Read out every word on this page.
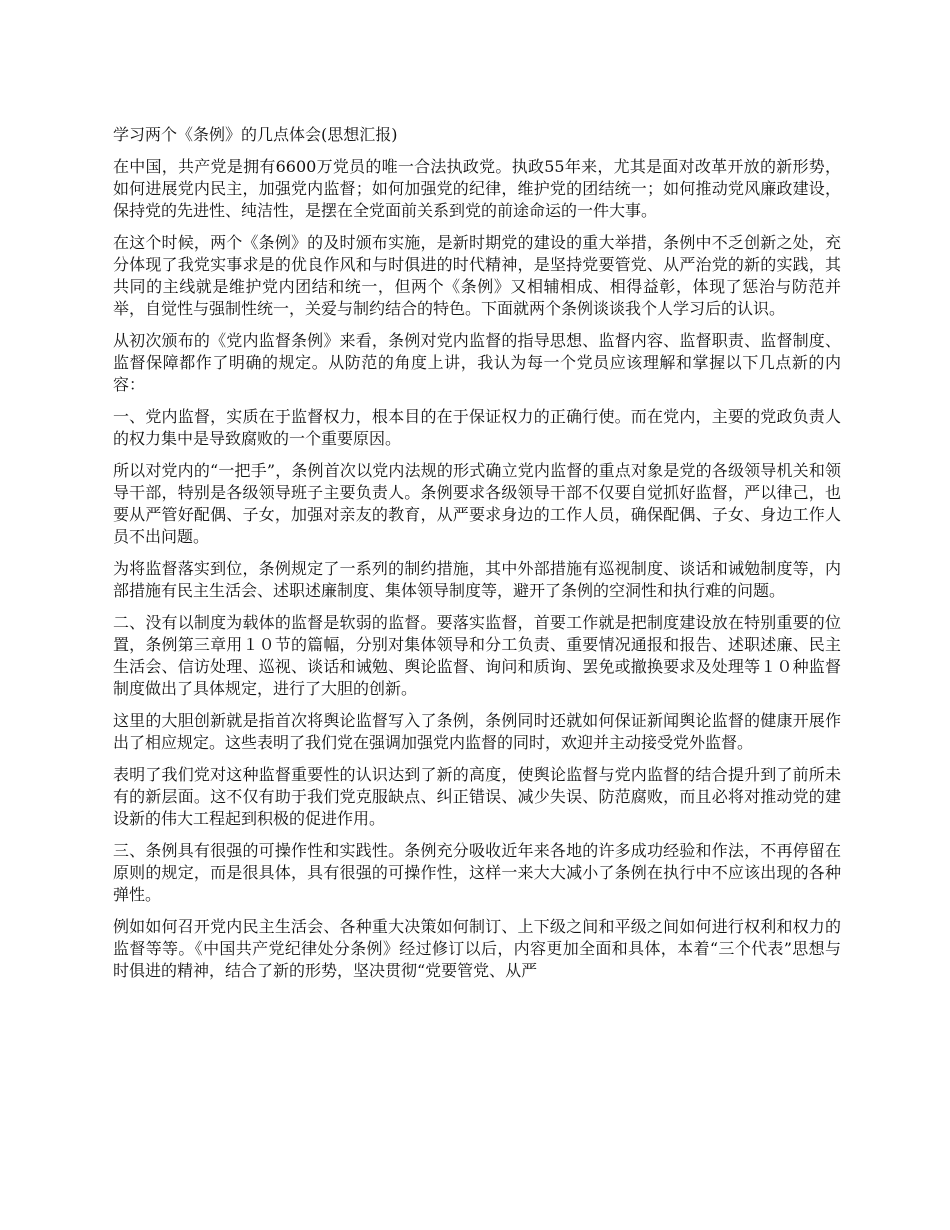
学习两个《条例》的几点体会(思想汇报)

在中国，共产党是拥有6600万党员的唯一合法执政党。执政55年来，尤其是面对改革开放的新形势，如何进展党内民主，加强党内监督；如何加强党的纪律，维护党的团结统一；如何推动党风廉政建设，保持党的先进性、纯洁性，是摆在全党面前关系到党的前途命运的一件大事。

在这个时候，两个《条例》的及时颁布实施，是新时期党的建设的重大举措，条例中不乏创新之处，充分体现了我党实事求是的优良作风和与时俱进的时代精神，是坚持党要管党、从严治党的新的实践，其共同的主线就是维护党内团结和统一，但两个《条例》又相辅相成、相得益彰，体现了惩治与防范并举，自觉性与强制性统一，关爱与制约结合的特色。下面就两个条例谈谈我个人学习后的认识。

从初次颁布的《党内监督条例》来看，条例对党内监督的指导思想、监督内容、监督职责、监督制度、监督保障都作了明确的规定。从防范的角度上讲，我认为每一个党员应该理解和掌握以下几点新的内容：

一、党内监督，实质在于监督权力，根本目的在于保证权力的正确行使。而在党内，主要的党政负责人的权力集中是导致腐败的一个重要原因。

所以对党内的“一把手”，条例首次以党内法规的形式确立党内监督的重点对象是党的各级领导机关和领导干部，特别是各级领导班子主要负责人。条例要求各级领导干部不仅要自觉抓好监督，严以律己，也要从严管好配偶、子女，加强对亲友的教育，从严要求身边的工作人员，确保配偶、子女、身边工作人员不出问题。

为将监督落实到位，条例规定了一系列的制约措施，其中外部措施有巡视制度、谈话和诫勉制度等，内部措施有民主生活会、述职述廉制度、集体领导制度等，避开了条例的空洞性和执行难的问题。

二、没有以制度为载体的监督是软弱的监督。要落实监督，首要工作就是把制度建设放在特别重要的位置，条例第三章用１０节的篇幅，分别对集体领导和分工负责、重要情况通报和报告、述职述廉、民主生活会、信访处理、巡视、谈话和诫勉、舆论监督、询问和质询、罢免或撤换要求及处理等１０种监督制度做出了具体规定，进行了大胆的创新。

这里的大胆创新就是指首次将舆论监督写入了条例，条例同时还就如何保证新闻舆论监督的健康开展作出了相应规定。这些表明了我们党在强调加强党内监督的同时，欢迎并主动接受党外监督。

表明了我们党对这种监督重要性的认识达到了新的高度，使舆论监督与党内监督的结合提升到了前所未有的新层面。这不仅有助于我们党克服缺点、纠正错误、减少失误、防范腐败，而且必将对推动党的建设新的伟大工程起到积极的促进作用。

三、条例具有很强的可操作性和实践性。条例充分吸收近年来各地的许多成功经验和作法，不再停留在原则的规定，而是很具体，具有很强的可操作性，这样一来大大减小了条例在执行中不应该出现的各种弹性。

例如如何召开党内民主生活会、各种重大决策如何制订、上下级之间和平级之间如何进行权利和权力的监督等等。《中国共产党纪律处分条例》经过修订以后，内容更加全面和具体，本着“三个代表”思想与时俱进的精神，结合了新的形势，坚决贯彻“党要管党、从严
